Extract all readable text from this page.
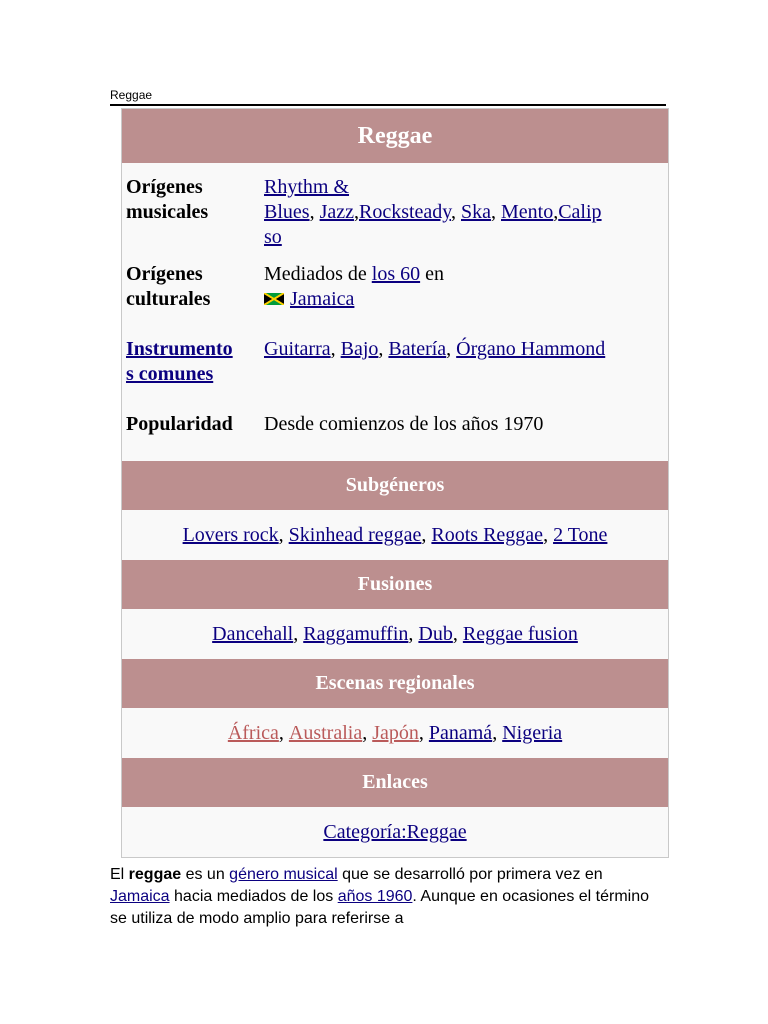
Reggae
Reggae
Orígenes
musicales
Rhythm &
Blues, Jazz,Rocksteady, Ska, Mento,Calip
so
Orígenes
culturales
Mediados de los 60 en
Jamaica
Instrumento
s comunes
Guitarra, Bajo, Batería, Órgano Hammond
Popularidad	Desde comienzos de los años 1970
Subgéneros
Lovers rock , Skinhead reggae , Roots Reggae , 2 Tone
Fusiones
Dancehall , Raggamuffin , Dub , Reggae fusion
Escenas regionales
África , Australia , Japón , Panamá , Nigeria
Enlaces
Categoría:Reggae
El reggae es un género musical que se desarrolló por primera vez en Jamaica hacia mediados de los años 1960. Aunque en ocasiones el término se utiliza de modo amplio para referirse a
